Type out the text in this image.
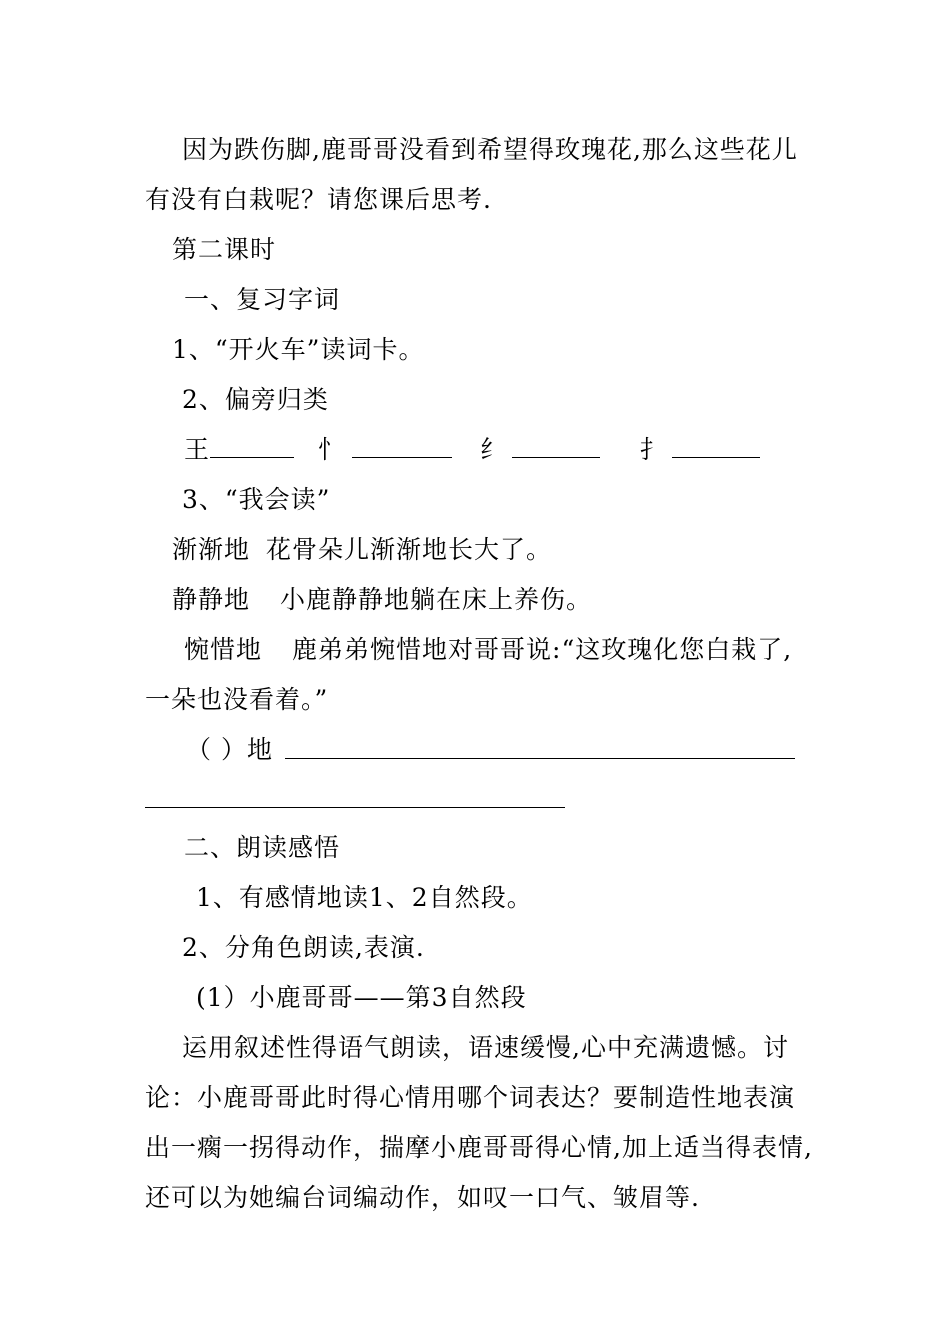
因为跌伤脚,鹿哥哥没看到希望得玫瑰花,那么这些花儿
有没有白栽呢？请您课后思考.
第二课时
一、复习字词
1、“开火车”读词卡。
2、偏旁归类
王	忄	纟	扌
3、“我会读”
渐渐地 花骨朵儿渐渐地长大了。
静静地 小鹿静静地躺在床上养伤。
惋惜地 鹿弟弟惋惜地对哥哥说:“这玫瑰化您白栽了,
一朵也没看着。”
（ ）地
二、朗读感悟
1、有感情地读1、2自然段。
2、分角色朗读,表演.
(1）小鹿哥哥——第3自然段
运用叙述性得语气朗读，语速缓慢,心中充满遗憾。讨
论：小鹿哥哥此时得心情用哪个词表达？要制造性地表演
出一瘸一拐得动作，揣摩小鹿哥哥得心情,加上适当得表情,
还可以为她编台词编动作，如叹一口气、皱眉等.
